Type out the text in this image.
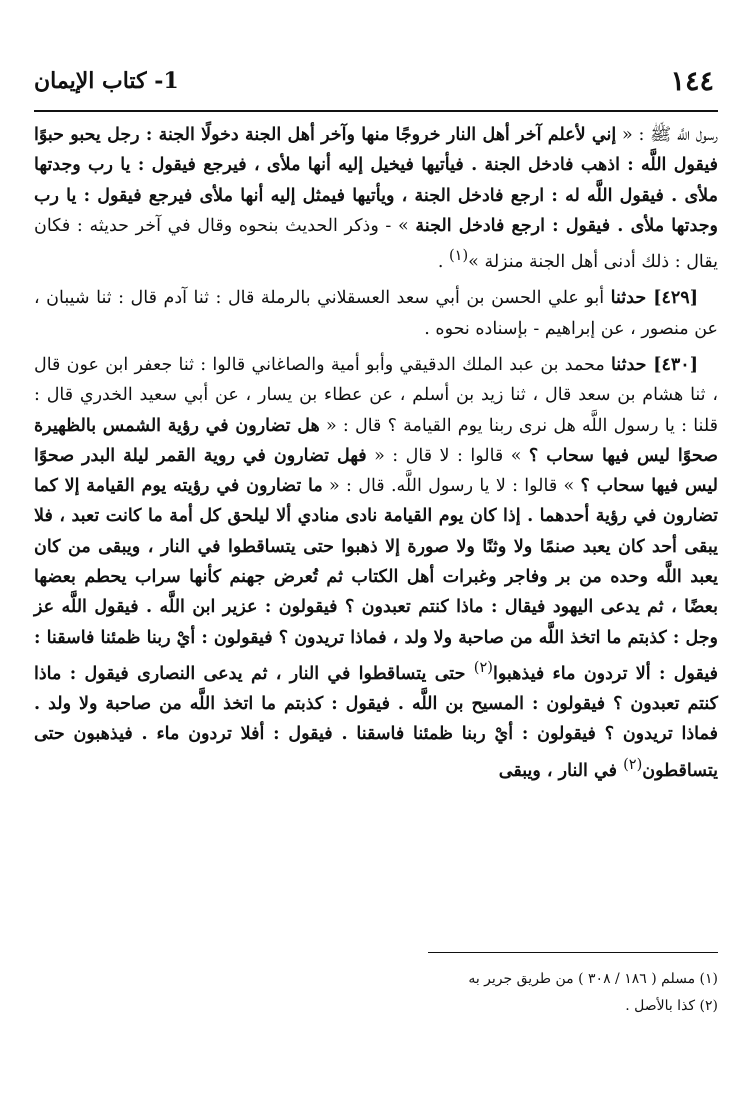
١٤٤
1- كتاب الإيمان

رسول اللَّه ﷺ : « إني لأعلم آخر أهل النار خروجًا منها وآخر أهل الجنة دخولًا الجنة : رجل يحبو حبوًا فيقول اللَّه : اذهب فادخل الجنة . فيأتيها فيخيل إليه أنها ملأى ، فيرجع فيقول : يا رب وجدتها ملأى . فيقول اللَّه له : ارجع فادخل الجنة ، ويأتيها فيمثل إليه أنها ملأى فيرجع فيقول : يا رب وجدتها ملأى . فيقول : ارجع فادخل الجنة » - وذكر الحديث بنحوه وقال في آخر حديثه : فكان يقال : ذلك أدنى أهل الجنة منزلة »$^{(١)}$ .

[٤٢٩] حدثنا أبو علي الحسن بن أبي سعد العسقلاني بالرملة قال : ثنا آدم قال : ثنا شيبان ، عن منصور ، عن إبراهيم - بإسناده نحوه .

[٤٣٠] حدثنا محمد بن عبد الملك الدقيقي وأبو أمية والصاغاني قالوا : ثنا جعفر ابن عون قال ، ثنا هشام بن سعد قال ، ثنا زيد بن أسلم ، عن عطاء بن يسار ، عن أبي سعيد الخدري قال : قلنا : يا رسول اللَّه هل نرى ربنا يوم القيامة ؟ قال : « هل تضارون في رؤية الشمس بالظهيرة صحوًا ليس فيها سحاب ؟ » قالوا : لا قال : « فهل تضارون في روية القمر ليلة البدر صحوًا ليس فيها سحاب ؟ » قالوا : لا يا رسول اللَّه. قال : « ما تضارون في رؤيته يوم القيامة إلا كما تضارون في رؤية أحدهما . إذا كان يوم القيامة نادى منادي ألا ليلحق كل أمة ما كانت تعبد ، فلا يبقى أحد كان يعبد صنمًا ولا وثنًا ولا صورة إلا ذهبوا حتى يتساقطوا في النار ، ويبقى من كان يعبد اللَّه وحده من بر وفاجر وغبرات أهل الكتاب ثم تُعرض جهنم كأنها سراب يحطم بعضها بعضًا ، ثم يدعى اليهود فيقال : ماذا كنتم تعبدون ؟ فيقولون : عزير ابن اللَّه . فيقول اللَّه عز وجل : كذبتم ما اتخذ اللَّه من صاحبة ولا ولد ، فماذا تريدون ؟ فيقولون : أيْ ربنا ظمئنا فاسقنا : فيقول : ألا تردون ماء فيذهبوا$^{(٢)}$ حتى يتساقطوا في النار ، ثم يدعى النصارى فيقول : ماذا كنتم تعبدون ؟ فيقولون : المسيح بن اللَّه . فيقول : كذبتم ما اتخذ اللَّه من صاحبة ولا ولد . فماذا تريدون ؟ فيقولون : أيْ ربنا ظمئنا فاسقنا . فيقول : أفلا تردون ماء . فيذهبون حتى يتساقطون$^{(٢)}$ في النار ، ويبقى

(١) مسلم ( ١٨٦ / ٣٠٨ ) من طريق جرير به
(٢) كذا بالأصل .
